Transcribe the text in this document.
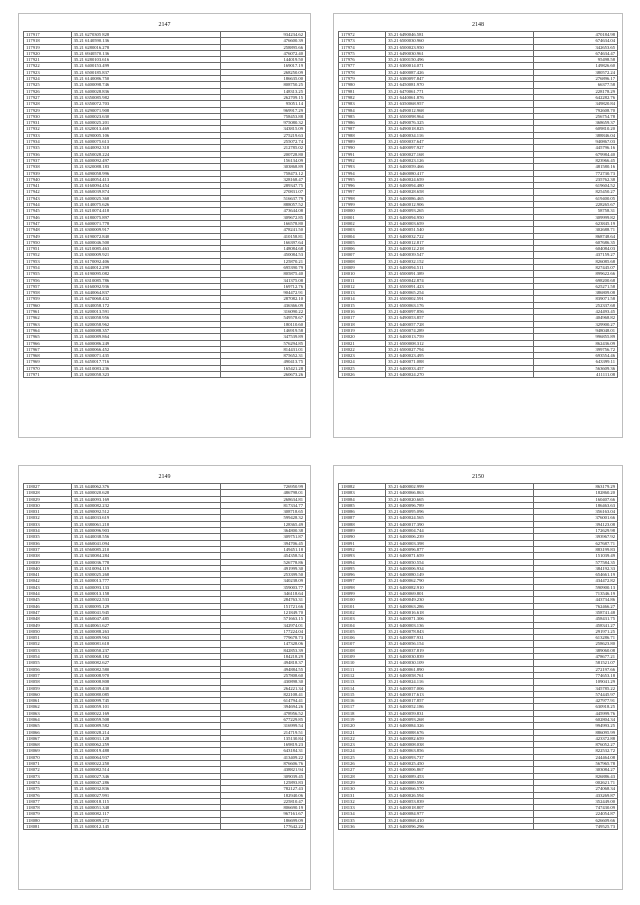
2147
117917	35.21 6270305 828	934234.62
117918	35.21 6140590.136	476600.39
117919	35.21 6280016.278	258895.66
117920	35.21 6940570.136	476072.40
117921	35.21 6280103.616	144019.50
117922	35.21 6400153.499	169017.19
117923	35.21 6500185.837	268250.09
117924	35.21 6140086.750	186635.00
117925	35.21 6400098.746	808750.25
117926	35.21 6400028.836	148313.25
117927	35.21 6350085.982	262709.15
117928	35.21 6350072.703	95051.14
117929	35.21 6290071.908	969917.29
117930	35.21 6400023.630	758453.88
117931	35.21 6400025.201	975080.32
117932	35.21 6320013.469	343815.09
117933	35.21 6290005.106	275219.63
117934	35.21 6400075.613	255072.74
117935	35.21 6440092.318	212785.02
117936	35.21 6450028.224	200728.80
117937	35.21 6400092.497	156134.09
117938	35.21 6320088.183	303868.89
117939	35.21 6490058.996	758473.12
117940	35.21 6440054.413	328168.47
117941	35.21 6160094.454	289347.75
117942	35.21 6460039.874	270831.07
117943	35.21 6400025.368	516637.79
117944	35.21 6140075.626	888057.52
117945	35.21 6210074.418	473644.08
117946	35.21 6180075.897	309672.85
117947	35.21 6400071.778	166578.80
117948	35.21 6300009.917	478241.50
117949	35.21 6190072.840	410158.81
117950	35.21 6400046.500	166397.64
117951	35.21 6210085.463	148084.68
117952	35.21 6300009.921	450084.53
117953	35.21 6170092.406	125870.21
117954	35.21 6440012.299	695390.79
117955	35.21 6190095.082	805875.40
117956	35.21 6310085.786	341375.08
117957	35.21 6160092.936	169712.76
117958	35.21 6440064.837	904472.91
117959	35.21 6470068.432	287082.10
117960	35.21 6340058.172	436366.09
117961	35.21 6200013.591	316090.22
117962	35.21 6330058.956	549578.67
117963	35.21 6200058.962	180110.60
117964	35.21 6400088.357	146919.58
117965	35.21 6400089.864	347539.89
117966	35.21 6400086.249	576294.85
117967	35.21 6400066.452	814431.01
117968	35.21 6300071.435	875652.31
117969	35.21 6450017.716	490413.75
117970	35.21 6410083.236	165421.28
117971	35.21 6200058.323	260673.26
2148
117972	35.21 6490046.581	470184.98
117973	35.21 6500030.960	674634.04
117974	35.21 6500023.950	342653.65
117975	35.21 6490030.961	674634.47
117976	35.21 6300150.496	95498.58
117977	35.21 6300014.071	149826.60
117978	35.21 6400087.426	380572.24
117979	35.21 6380097.847	276896.17
117980	35.21 6450081.970	66377.58
117981	35.21 6470061.771	228178.29
117982	35.21 6440061.876	642282.76
117983	35.21 6350068.957	349820.84
117984	35.21 6490012.968	792608.70
117985	35.21 6500098.964	256754.78
117986	35.21 6490076.325	368659.37
117987	35.21 6490018.825	609810.20
117988	35.21 6400034.116	388846.04
117989	35.21 6500037.647	940867.03
117990	35.21 6400097.927	445796.16
117991	35.21 6300027.168	679984.40
117992	35.21 6400023.126	823966.45
117993	35.21 6400059.466	481580.16
117994	35.21 6460080.417	772730.73
117995	35.21 6460024.659	235762.38
117996	35.21 6400094.480	619604.52
117997	35.21 6400028.658	825450.27
117998	35.21 6400086.465	619400.05
117999	35.21 6460012.906	228265.67
118000	35.21 6400093.265	58758.31
118001	35.21 6400094.950	309999.82
118002	35.21 6400003.659	623845.19
118003	35.21 6400051.540	302688.71
118004	35.21 6400032.722	868748.64
118005	35.21 6400012.817	607686.35
118006	35.21 6400012.218	604084.03
118007	35.21 6400039.547	437159.27
118008	35.21 6400032.152	826085.68
118009	35.21 6400094.511	827445.07
118010	35.21 6500091.389	899622.66
118011	35.21 6500042.874	698200.68
118012	35.21 6500091.423	625271.58
118013	35.21 6400065.254	386809.08
118014	35.21 6500002.591	839071.58
118015	35.21 6500063.176	252337.68
118016	35.21 6400097.856	424493.45
118017	35.21 6490053.857	404968.82
118018	35.21 6400057.728	329900.27
118019	35.21 6500074.289	948048.01
118020	35.21 6400013.759	996855.89
118021	35.21 6500008.312	862436.09
118022	35.21 6500027.794	399756.72
118023	35.21 6400023.495	693554.46
118024	35.21 6400071.088	643399.11
118025	35.21 6400033.457	563609.36
118026	35.21 6400024.270	411111.08
2149
118027	35.21 6440062.376	726950.99
118028	35.21 6400020.628	486798.01
118029	35.21 6440093.169	268634.81
118030	35.21 6400082.232	817334.77
118031	35.21 6490092.512	308718.65
118032	35.21 6440033.619	599428.32
118033	35.21 6380061.218	128365.49
118034	35.21 6400096.903	364800.38
118035	35.21 6440038.556	309751.87
118036	35.21 6460041.094	394706.45
118037	35.21 6560085.210	149451.18
118038	35.21 6230084.284	454358.54
118039	35.21 6400036.778	526778.86
118040	35.21 6310094.119	491999.30
118041	35.21 6300025.268	253399.50
118042	35.21 6400013.777	340238.09
118043	35.21 6400093.133	359003.77
118044	35.21 6400013.158	346118.64
118045	35.21 6400022.533	284763.31
118046	35.21 6380095.129	151721.66
118047	35.21 6400041.945	121849.70
118048	35.21 6460047.485	571663.15
118049	35.21 6440061.627	342974.01
118050	35.21 6400088.263	177224.04
118051	35.21 6400089.963	779678.73
118052	35.21 6400081.618	147328.06
118053	35.21 6400050.237	842853.39
118054	35.21 6500068.182	184218.29
118055	35.21 6400082.627	494818.37
118056	35.21 6400082.580	494884.55
118057	35.21 6400008.970	257808.60
118058	35.21 6400008.808	430898.30
118059	35.21 6400039.430	264221.34
118060	35.21 6400080.085	822108.41
118061	35.21 6400099.745	614794.41
118062	35.21 6400059.101	394694.26
118063	35.21 6400022.169	478956.52
118064	35.21 6400059.508	677229.85
118065	35.21 6400089.582	316999.54
118066	35.21 6400028.214	214719.51
118067	35.21 6400031.128	135130.84
118068	35.21 6300062.259	169819.23
118069	35.21 6400019.488	643184.31
118070	35.21 6400064.937	413409.22
118071	35.21 6300022.250	876606.76
118072	35.21 6400082.514	438821.94
118073	35.21 6400027.346	309039.45
118074	35.21 6400047.286	125893.83
118075	35.21 6400032.836	782127.43
118076	35.21 6400027.991	182940.06
118077	35.21 6400018.115	225810.47
118078	35.21 6400051.348	806690.19
118079	35.21 6400082.117	967161.67
118080	35.21 6400089.273	186699.09
118081	35.21 6400012.145	177642.22
2150
118082	35.21 6400002.999	863179.29
118083	35.21 6400066.863	182860.20
118084	35.21 6400020.665	160407.66
118085	35.21 6400096.789	186463.63
118086	35.21 6400095.096	356163.04
118087	35.21 6400024.565	376001.66
118088	35.21 6400017.390	394123.08
118089	35.21 6400004.744	172629.98
118090	35.21 6400006.239	393967.92
118091	35.21 6400003.398	627687.71
118092	35.21 6400096.877	883199.83
118093	35.21 6400071.659	151039.49
118094	35.21 6400050.554	577584.35
118095	35.21 6400006.934	384192.33
118096	35.21 6400080.149	654661.19
118097	35.21 6400062.790	434472.82
118098	35.21 6400082.910	590900.13
118099	35.21 6400069.801	713546.19
118100	35.21 6400049.230	443734.86
118101	35.21 6400063.286	762466.27
118102	35.21 6400016.618	358741.48
118103	35.21 6400071.306	458431.75
118104	35.21 6400003.136	458341.27
118105	35.21 6400078.843	291971.25
118106	35.21 6400087.931	613286.71
118107	35.21 6400056.154	258623.80
118108	35.21 6400037.819	389060.08
118109	35.21 6400030.839	478677.21
118110	35.21 6400030.109	581521.07
118111	35.21 6400061.890	272197.66
118112	35.21 6400058.761	774653.18
118113	35.21 6400024.116	109041.29
118114	35.21 6400057.006	345785.22
118115	35.21 6400017.613	574445.97
118116	35.21 6400017.857	427977.91
118117	35.21 6400052.186	630918.25
118118	35.21 6400059.831	445999.76
118119	35.21 6400093.268	602804.34
118120	35.21 6400084.326	994993.25
118121	35.21 6400088.676	886095.99
118122	35.21 6400082.659	423372.88
118123	35.21 6400008.038	876052.27
118124	35.21 6400063.856	822532.72
118125	35.21 6400093.737	244464.08
118126	35.21 6400025.450	567965.78
118127	35.21 6400006.867	303084.27
118128	35.21 6400089.453	826886.43
118129	35.21 6400089.590	002621.71
118130	35.21 6400066.570	274068.34
118131	35.21 6400026.594	433269.87
118132	35.21 6400053.839	352449.00
118133	35.21 6400018.807	747430.09
118134	35.21 6400084.977	224054.87
118135	35.21 6400068.410	626609.66
118136	35.21 6400096.296	749525.73
